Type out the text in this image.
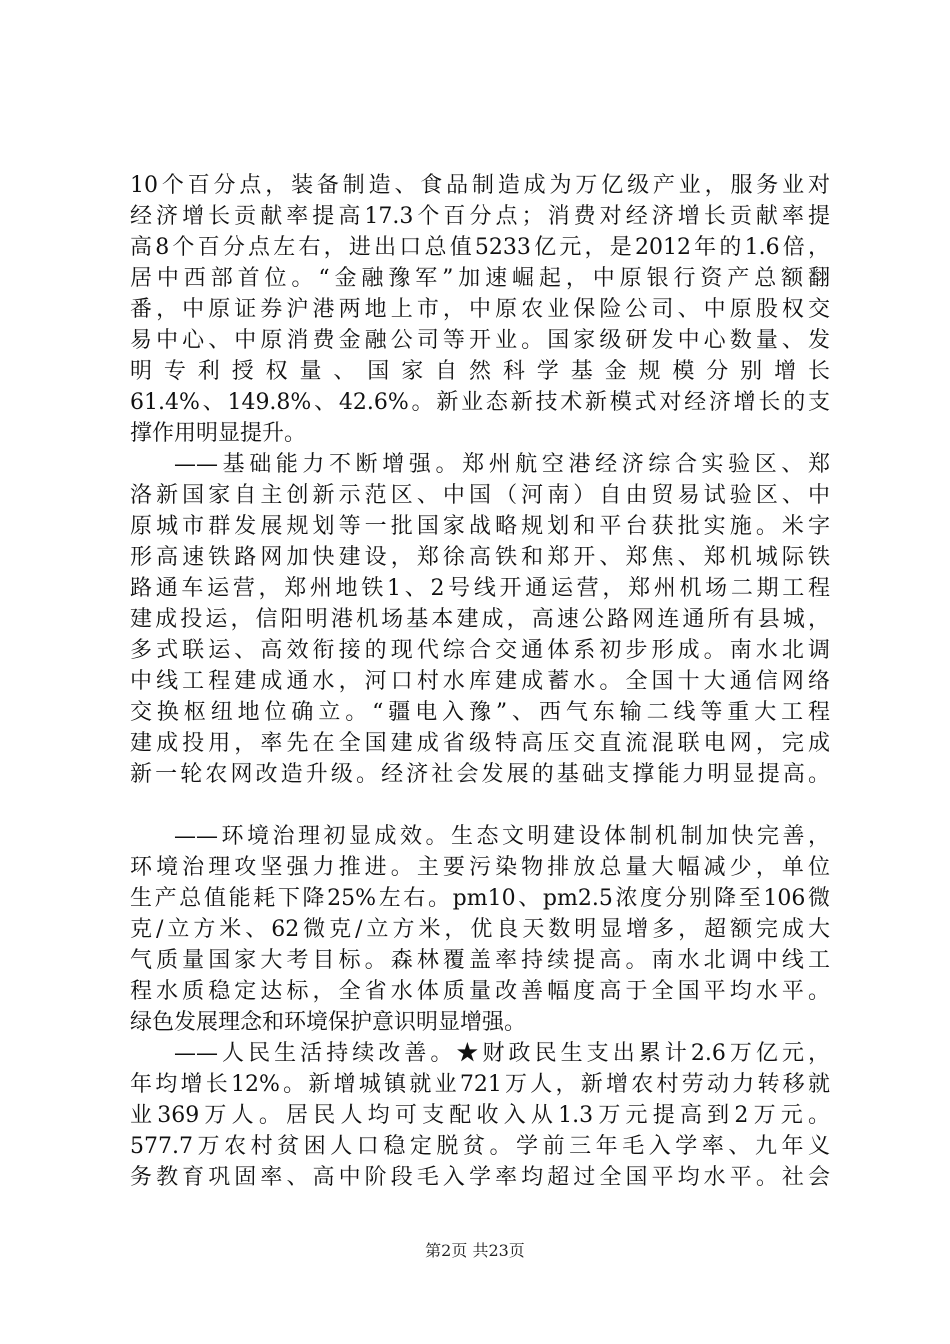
10个百分点，装备制造、食品制造成为万亿级产业，服务业对
经济增长贡献率提高17.3个百分点；消费对经济增长贡献率提
高8个百分点左右，进出口总值5233亿元，是2012年的1.6倍，
居中西部首位。“金融豫军”加速崛起，中原银行资产总额翻
番，中原证券沪港两地上市，中原农业保险公司、中原股权交
易中心、中原消费金融公司等开业。国家级研发中心数量、发
明专利授权量、国家自然科学基金规模分别增长
61.4%、149.8%、42.6%。新业态新技术新模式对经济增长的支
撑作用明显提升。
——基础能力不断增强。郑州航空港经济综合实验区、郑
洛新国家自主创新示范区、中国（河南）自由贸易试验区、中
原城市群发展规划等一批国家战略规划和平台获批实施。米字
形高速铁路网加快建设，郑徐高铁和郑开、郑焦、郑机城际铁
路通车运营，郑州地铁1、2号线开通运营，郑州机场二期工程
建成投运，信阳明港机场基本建成，高速公路网连通所有县城，
多式联运、高效衔接的现代综合交通体系初步形成。南水北调
中线工程建成通水，河口村水库建成蓄水。全国十大通信网络
交换枢纽地位确立。“疆电入豫”、西气东输二线等重大工程
建成投用，率先在全国建成省级特高压交直流混联电网，完成
新一轮农网改造升级。经济社会发展的基础支撑能力明显提高。
——环境治理初显成效。生态文明建设体制机制加快完善，
环境治理攻坚强力推进。主要污染物排放总量大幅减少，单位
生产总值能耗下降25%左右。pm10、pm2.5浓度分别降至106微
克/立方米、62微克/立方米，优良天数明显增多，超额完成大
气质量国家大考目标。森林覆盖率持续提高。南水北调中线工
程水质稳定达标，全省水体质量改善幅度高于全国平均水平。
绿色发展理念和环境保护意识明显增强。
——人民生活持续改善。★财政民生支出累计2.6万亿元，
年均增长12%。新增城镇就业721万人，新增农村劳动力转移就
业369万人。居民人均可支配收入从1.3万元提高到2万元。
577.7万农村贫困人口稳定脱贫。学前三年毛入学率、九年义
务教育巩固率、高中阶段毛入学率均超过全国平均水平。社会
第2页 共23页
